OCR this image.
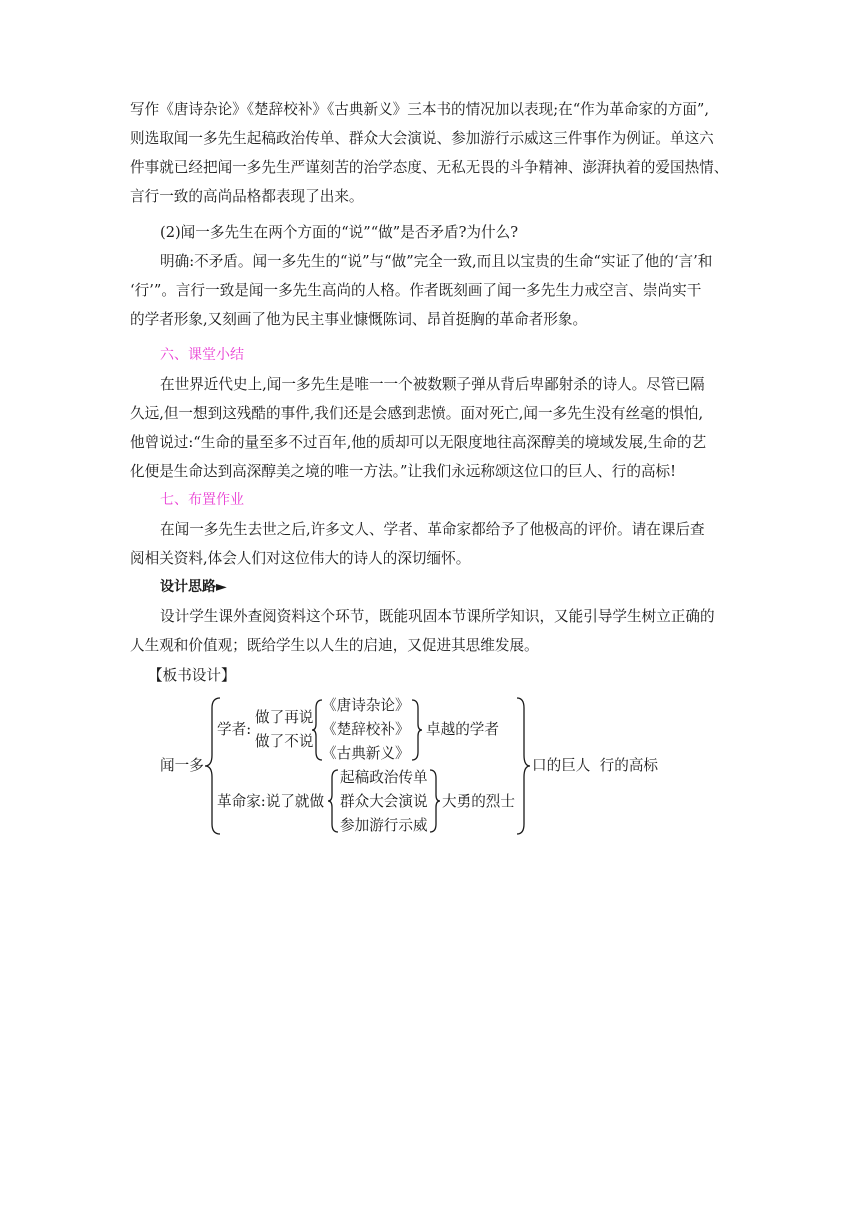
写作《唐诗杂论》《楚辞校补》《古典新义》三本书的情况加以表现;在“作为革命家的方面”,

则选取闻一多先生起稿政治传单、群众大会演说、参加游行示威这三件事作为例证。单这六

件事就已经把闻一多先生严谨刻苦的治学态度、无私无畏的斗争精神、澎湃执着的爱国热情、

言行一致的高尚品格都表现了出来。

(2)闻一多先生在两个方面的“说”“做”是否矛盾?为什么?

明确:不矛盾。闻一多先生的“说”与“做”完全一致,而且以宝贵的生命“实证了他的‘言’和

‘行’”。言行一致是闻一多先生高尚的人格。作者既刻画了闻一多先生力戒空言、崇尚实干

的学者形象,又刻画了他为民主事业慷慨陈词、昂首挺胸的革命者形象。

六、课堂小结

在世界近代史上,闻一多先生是唯一一个被数颗子弹从背后卑鄙射杀的诗人。尽管已隔

久远,但一想到这残酷的事件,我们还是会感到悲愤。面对死亡,闻一多先生没有丝毫的惧怕,

他曾说过:“生命的量至多不过百年,他的质却可以无限度地往高深醇美的境域发展,生命的艺

化便是生命达到高深醇美之境的唯一方法。”让我们永远称颂这位口的巨人、行的高标!

七、布置作业

在闻一多先生去世之后,许多文人、学者、革命家都给予了他极高的评价。请在课后查

阅相关资料,体会人们对这位伟大的诗人的深切缅怀。

设计思路►

设计学生课外查阅资料这个环节，既能巩固本节课所学知识，又能引导学生树立正确的

人生观和价值观；既给学生以人生的启迪，又促进其思维发展。

【板书设计】

闻一多
学者:
做了再说
做了不说
《唐诗杂论》
《楚辞校补》
《古典新义》
卓越的学者
革命家:说了就做
起稿政治传单
群众大会演说
参加游行示威
大勇的烈士
口的巨人  行的高标
